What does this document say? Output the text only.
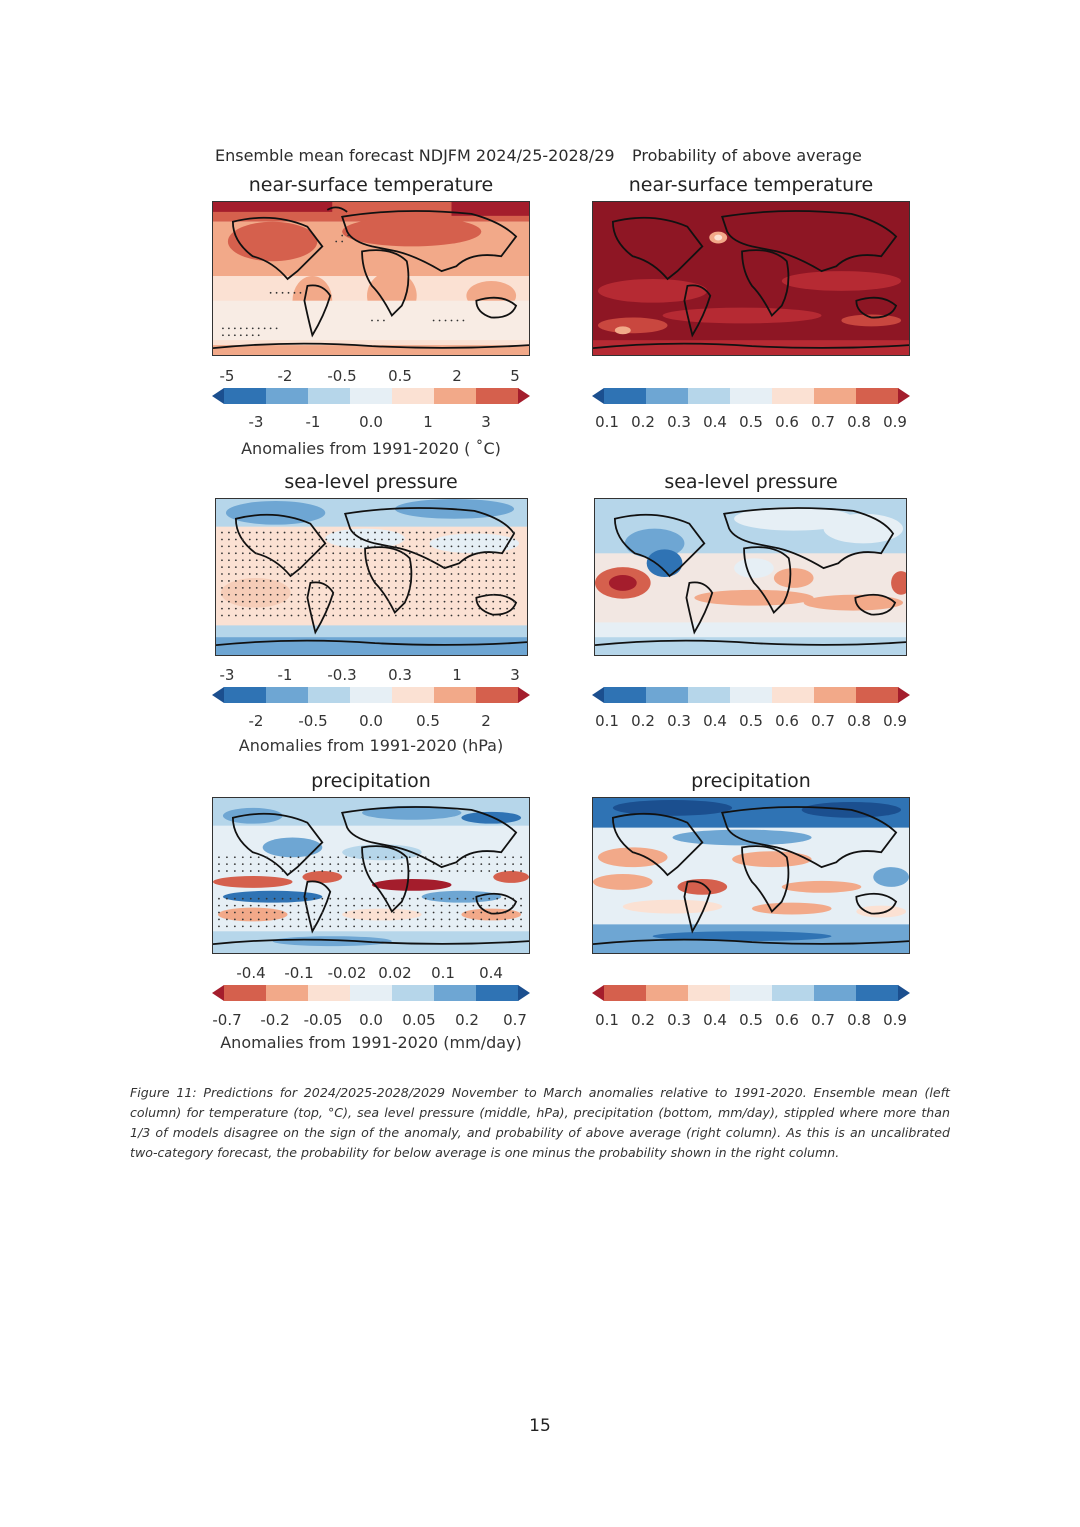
Ensemble mean forecast NDJFM 2024/25-2028/29 Probability of above average
near-surface temperature	near-surface temperature
-5	-2 -0.5 0.5	2	5
-3	-1	0.0	1	3
Anomalies from 1991-2020 ( ˚C)
0.1 0.2 0.3 0.4 0.5 0.6 0.7 0.8 0.9
sea-level pressure	sea-level pressure
-3	-1 -0.3 0.3	1	3
-2 -0.5 0.0 0.5	2
Anomalies from 1991-2020 (hPa)
0.1 0.2 0.3 0.4 0.5 0.6 0.7 0.8 0.9
precipitation	precipitation
-0.4 -0.1 -0.02 0.02 0.1 0.4
-0.7 -0.2 -0.05 0.0 0.05 0.2 0.7
Anomalies from 1991-2020 (mm/day)
0.1 0.2 0.3 0.4 0.5 0.6 0.7 0.8 0.9
Figure 11: Predictions for 2024/2025-2028/2029 November to March anomalies relative to 1991-2020. Ensemble mean (left column) for temperature (top, °C), sea level pressure (middle, hPa), precipitation (bottom, mm/day), stippled where more than 1/3 of models disagree on the sign of the anomaly, and probability of above average (right column). As this is an uncalibrated two-category forecast, the probability for below average is one minus the probability shown in the right column.
15
